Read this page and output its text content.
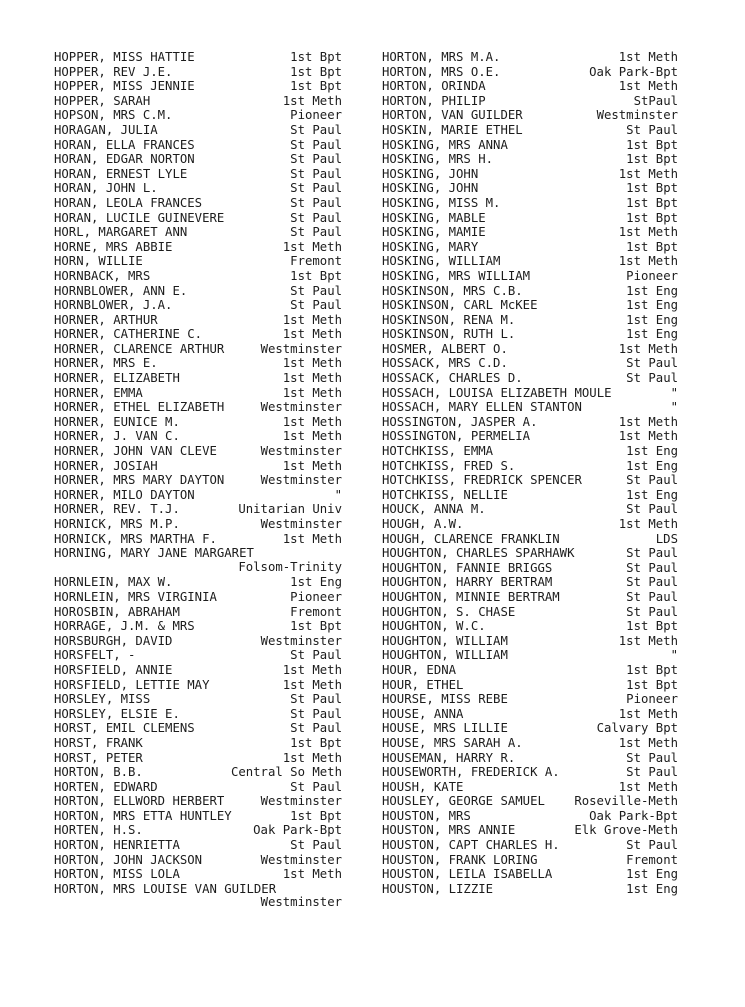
HOPPER, MISS HATTIE	1st Bpt
HOPPER, REV J.E.	1st Bpt
HOPPER, MISS JENNIE	1st Bpt
HOPPER, SARAH	1st Meth
HOPSON, MRS C.M.	Pioneer
HORAGAN, JULIA	St Paul
HORAN, ELLA FRANCES	St Paul
HORAN, EDGAR NORTON	St Paul
HORAN, ERNEST LYLE	St Paul
HORAN, JOHN L.	St Paul
HORAN, LEOLA FRANCES	St Paul
HORAN, LUCILE GUINEVERE	St Paul
HORL, MARGARET ANN	St Paul
HORNE, MRS ABBIE	1st Meth
HORN, WILLIE	Fremont
HORNBACK, MRS	1st Bpt
HORNBLOWER, ANN E.	St Paul
HORNBLOWER, J.A.	St Paul
HORNER, ARTHUR	1st Meth
HORNER, CATHERINE C.	1st Meth
HORNER, CLARENCE ARTHUR	Westminster
HORNER, MRS E.	1st Meth
HORNER, ELIZABETH	1st Meth
HORNER, EMMA	1st Meth
HORNER, ETHEL ELIZABETH	Westminster
HORNER, EUNICE M.	1st Meth
HORNER, J. VAN C.	1st Meth
HORNER, JOHN VAN CLEVE	Westminster
HORNER, JOSIAH	1st Meth
HORNER, MRS MARY DAYTON	Westminster
HORNER, MILO DAYTON	"
HORNER, REV. T.J.	Unitarian Univ
HORNICK, MRS M.P.	Westminster
HORNICK, MRS MARTHA F.	1st Meth
HORNING, MARY JANE MARGARET
Folsom-Trinity
HORNLEIN, MAX W.	1st Eng
HORNLEIN, MRS VIRGINIA	Pioneer
HOROSBIN, ABRAHAM	Fremont
HORRAGE, J.M. & MRS	1st Bpt
HORSBURGH, DAVID	Westminster
HORSFELT, -	St Paul
HORSFIELD, ANNIE	1st Meth
HORSFIELD, LETTIE MAY	1st Meth
HORSLEY, MISS	St Paul
HORSLEY, ELSIE E.	St Paul
HORST, EMIL CLEMENS	St Paul
HORST, FRANK	1st Bpt
HORST, PETER	1st Meth
HORTON, B.B.	Central So Meth
HORTEN, EDWARD	St Paul
HORTON, ELLWORD HERBERT	Westminster
HORTON, MRS ETTA HUNTLEY	1st Bpt
HORTEN, H.S.	Oak Park-Bpt
HORTON, HENRIETTA	St Paul
HORTON, JOHN JACKSON	Westminster
HORTON, MISS LOLA	1st Meth
HORTON, MRS LOUISE VAN GUILDER
Westminster
HORTON, MRS M.A.	1st Meth
HORTON, MRS O.E.	Oak Park-Bpt
HORTON, ORINDA	1st Meth
HORTON, PHILIP	StPaul
HORTON, VAN GUILDER	Westminster
HOSKIN, MARIE ETHEL	St Paul
HOSKING, MRS ANNA	1st Bpt
HOSKING, MRS H.	1st Bpt
HOSKING, JOHN	1st Meth
HOSKING, JOHN	1st Bpt
HOSKING, MISS M.	1st Bpt
HOSKING, MABLE	1st Bpt
HOSKING, MAMIE	1st Meth
HOSKING, MARY	1st Bpt
HOSKING, WILLIAM	1st Meth
HOSKING, MRS WILLIAM	Pioneer
HOSKINSON, MRS C.B.	1st Eng
HOSKINSON, CARL McKEE	1st Eng
HOSKINSON, RENA M.	1st Eng
HOSKINSON, RUTH L.	1st Eng
HOSMER, ALBERT O.	1st Meth
HOSSACK, MRS C.D.	St Paul
HOSSACK, CHARLES D.	St Paul
HOSSACH, LOUISA ELIZABETH MOULE	"
HOSSACH, MARY ELLEN STANTON	"
HOSSINGTON, JASPER A.	1st Meth
HOSSINGTON, PERMELIA	1st Meth
HOTCHKISS, EMMA	1st Eng
HOTCHKISS, FRED S.	1st Eng
HOTCHKISS, FREDRICK SPENCER	St Paul
HOTCHKISS, NELLIE	1st Eng
HOUCK, ANNA M.	St Paul
HOUGH, A.W.	1st Meth
HOUGH, CLARENCE FRANKLIN	LDS
HOUGHTON, CHARLES SPARHAWK	St Paul
HOUGHTON, FANNIE BRIGGS	St Paul
HOUGHTON, HARRY BERTRAM	St Paul
HOUGHTON, MINNIE BERTRAM	St Paul
HOUGHTON, S. CHASE	St Paul
HOUGHTON, W.C.	1st Bpt
HOUGHTON, WILLIAM	1st Meth
HOUGHTON, WILLIAM	"
HOUR, EDNA	1st Bpt
HOUR, ETHEL	1st Bpt
HOURSE, MISS REBE	Pioneer
HOUSE, ANNA	1st Meth
HOUSE, MRS LILLIE	Calvary Bpt
HOUSE, MRS SARAH A.	1st Meth
HOUSEMAN, HARRY R.	St Paul
HOUSEWORTH, FREDERICK A.	St Paul
HOUSH, KATE	1st Meth
HOUSLEY, GEORGE SAMUEL	Roseville-Meth
HOUSTON, MRS	Oak Park-Bpt
HOUSTON, MRS ANNIE	Elk Grove-Meth
HOUSTON, CAPT CHARLES H.	St Paul
HOUSTON, FRANK LORING	Fremont
HOUSTON, LEILA ISABELLA	1st Eng
HOUSTON, LIZZIE	1st Eng
